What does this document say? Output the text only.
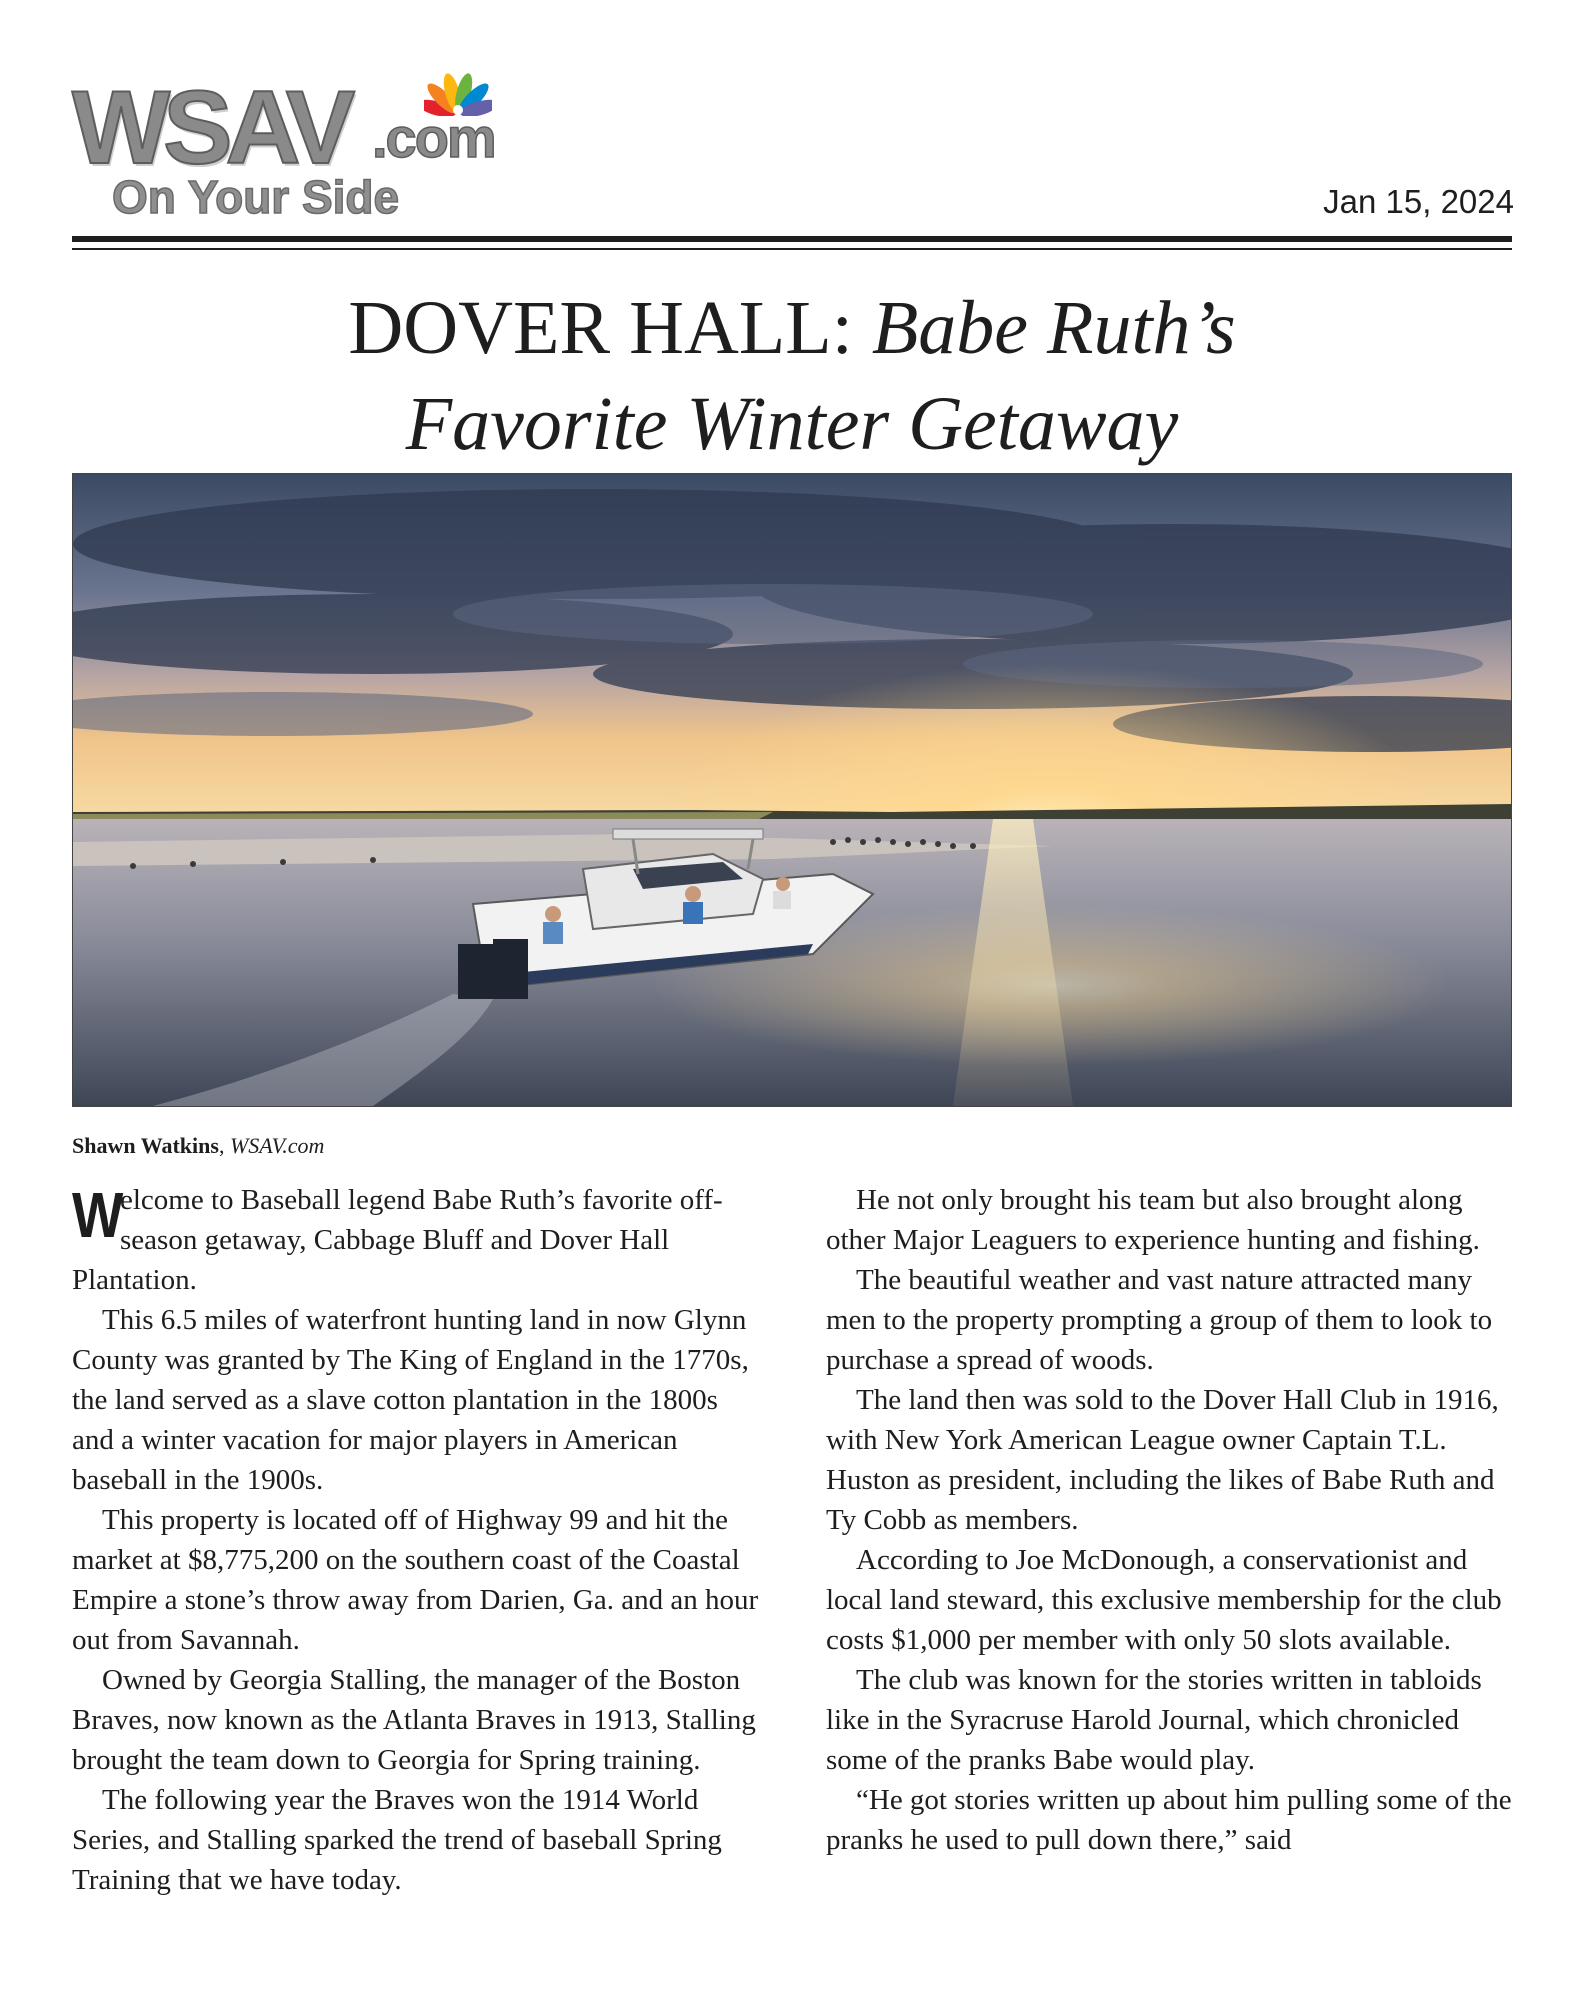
WSAV .com
On Your Side	Jan 15, 2024
DOVER HALL: Babe Ruth’s
Favorite Winter Getaway
Shawn Watkins, WSAV.com

W
elcome to Baseball legend Babe Ruth’s favorite off-season getaway, Cabbage Bluff and Dover Hall Plantation.

This 6.5 miles of waterfront hunting land in now Glynn County was granted by The King of England in the 1770s, the land served as a slave cotton plantation in the 1800s and a winter vacation for major players in American baseball in the 1900s.

This property is located off of Highway 99 and hit the market at $8,775,200 on the southern coast of the Coastal Empire a stone’s throw away from Darien, Ga. and an hour out from Savannah.

Owned by Georgia Stalling, the manager of the Boston Braves, now known as the Atlanta Braves in 1913, Stalling brought the team down to Georgia for Spring training.

The following year the Braves won the 1914 World Series, and Stalling sparked the trend of baseball Spring Training that we have today.

He not only brought his team but also brought along other Major Leaguers to experience hunting and fishing.

The beautiful weather and vast nature attracted many men to the property prompting a group of them to look to purchase a spread of woods.

The land then was sold to the Dover Hall Club in 1916, with New York American League owner Captain T.L. Huston as president, including the likes of Babe Ruth and Ty Cobb as members.

According to Joe McDonough, a conservationist and local land steward, this exclusive membership for the club costs $1,000 per member with only 50 slots available.

The club was known for the stories written in tabloids like in the Syracruse Harold Journal, which chronicled some of the pranks Babe would play.

“He got stories written up about him pulling some of the pranks he used to pull down there,” said
